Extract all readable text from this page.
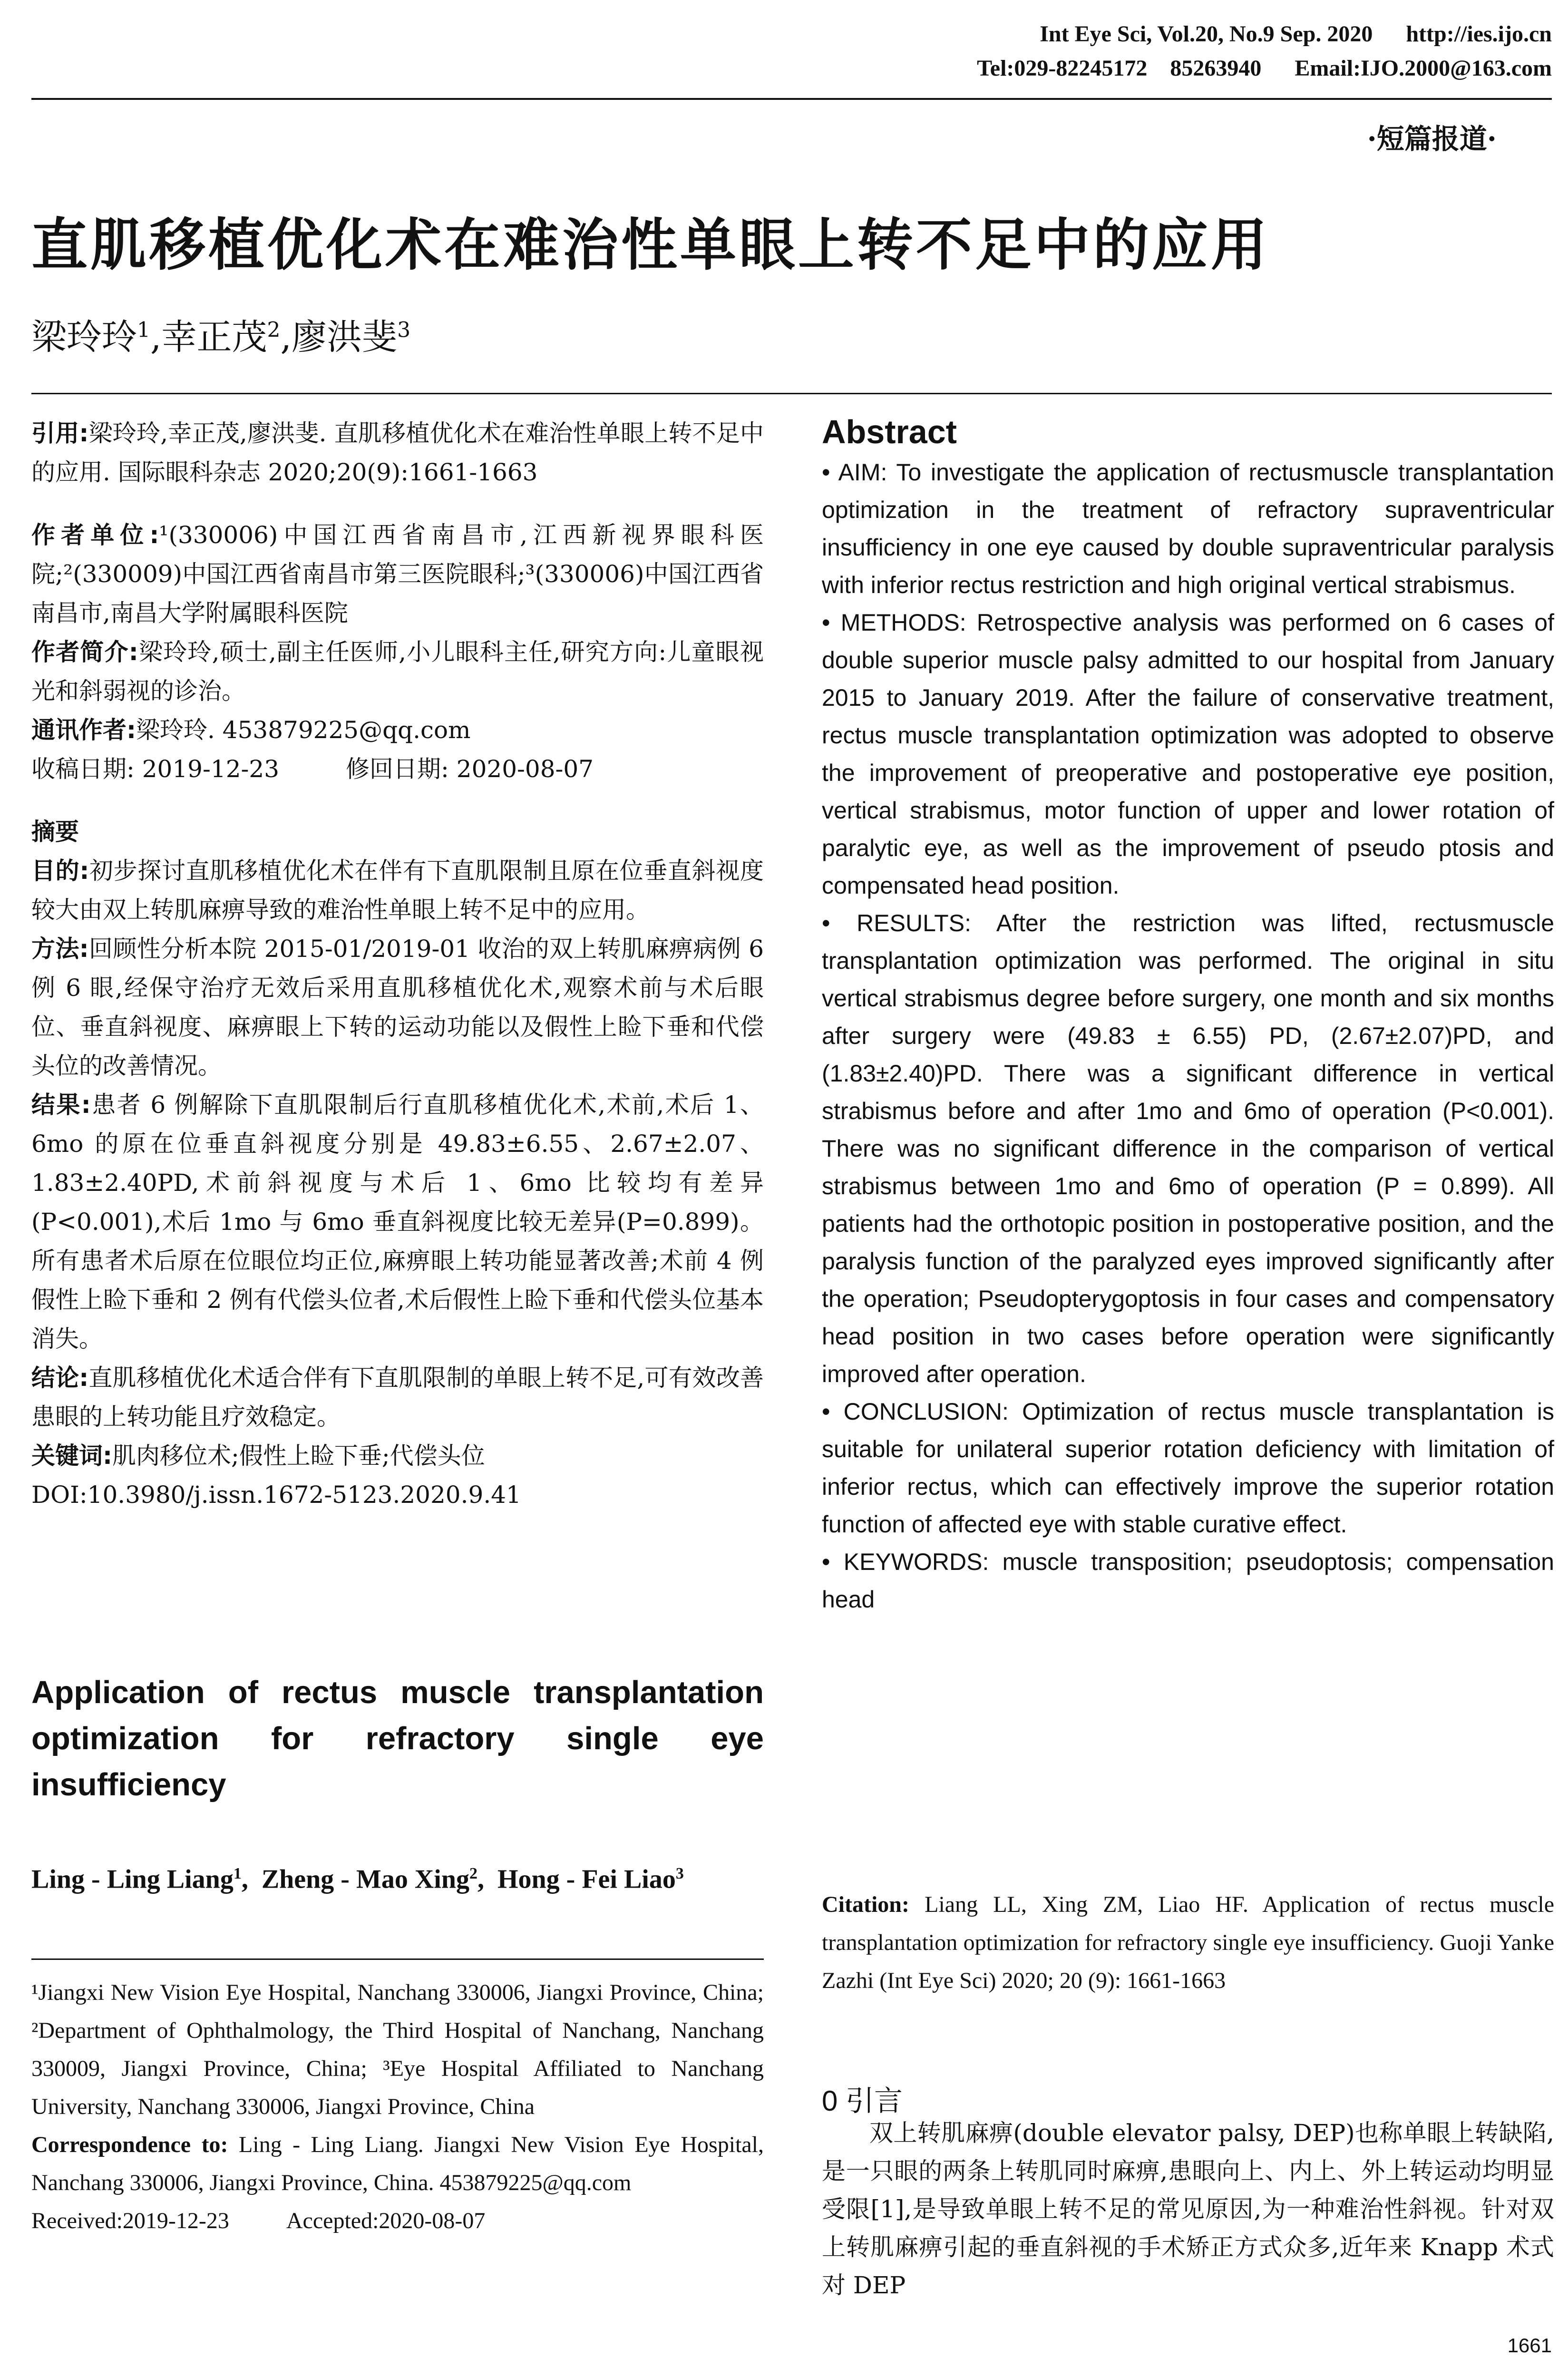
Int Eye Sci, Vol.20, No.9 Sep. 2020 http://ies.ijo.cn
Tel:029-82245172　85263940 Email:IJO.2000@163.com
·短篇报道·
直肌移植优化术在难治性单眼上转不足中的应用
梁玲玲$^1$,幸正茂$^2$,廖洪斐$^3$

引用:梁玲玲,幸正茂,廖洪斐. 直肌移植优化术在难治性单眼上转不足中的应用. 国际眼科杂志 2020;20(9):1661-1663

作者单位:¹(330006)中国江西省南昌市,江西新视界眼科医院;²(330009)中国江西省南昌市第三医院眼科;³(330006)中国江西省南昌市,南昌大学附属眼科医院

作者简介:梁玲玲,硕士,副主任医师,小儿眼科主任,研究方向:儿童眼视光和斜弱视的诊治。

通讯作者:梁玲玲. 453879225@qq.com

收稿日期: 2019-12-23	修回日期: 2020-08-07

摘要

目的:初步探讨直肌移植优化术在伴有下直肌限制且原在位垂直斜视度较大由双上转肌麻痹导致的难治性单眼上转不足中的应用。

方法:回顾性分析本院 2015-01/2019-01 收治的双上转肌麻痹病例 6 例 6 眼,经保守治疗无效后采用直肌移植优化术,观察术前与术后眼位、垂直斜视度、麻痹眼上下转的运动功能以及假性上睑下垂和代偿头位的改善情况。

结果:患者 6 例解除下直肌限制后行直肌移植优化术,术前,术后 1、6mo 的原在位垂直斜视度分别是 49.83±6.55、2.67±2.07、1.83±2.40PD,术前斜视度与术后 1、6mo 比较均有差异(P<0.001),术后 1mo 与 6mo 垂直斜视度比较无差异(P=0.899)。所有患者术后原在位眼位均正位,麻痹眼上转功能显著改善;术前 4 例假性上睑下垂和 2 例有代偿头位者,术后假性上睑下垂和代偿头位基本消失。

结论:直肌移植优化术适合伴有下直肌限制的单眼上转不足,可有效改善患眼的上转功能且疗效稳定。

关键词:肌肉移位术;假性上睑下垂;代偿头位

DOI:10.3980/j.issn.1672-5123.2020.9.41

Application of rectus muscle transplantation optimization for refractory single eye insufficiency
Ling - Ling Liang$^1$,  Zheng - Mao Xing$^2$,  Hong - Fei Liao$^3$
¹Jiangxi New Vision Eye Hospital, Nanchang 330006, Jiangxi Province, China; ²Department of Ophthalmology, the Third Hospital of Nanchang, Nanchang 330009, Jiangxi Province, China; ³Eye Hospital Affiliated to Nanchang University, Nanchang 330006, Jiangxi Province, China
Correspondence to: Ling - Ling Liang. Jiangxi New Vision Eye Hospital, Nanchang 330006, Jiangxi Province, China. 453879225@qq.com
Received:2019-12-23	Accepted:2020-08-07
Abstract

• AIM: To investigate the application of rectusmuscle transplantation optimization in the treatment of refractory supraventricular insufficiency in one eye caused by double supraventricular paralysis with inferior rectus restriction and high original vertical strabismus.

• METHODS: Retrospective analysis was performed on 6 cases of double superior muscle palsy admitted to our hospital from January 2015 to January 2019. After the failure of conservative treatment, rectus muscle transplantation optimization was adopted to observe the improvement of preoperative and postoperative eye position, vertical strabismus, motor function of upper and lower rotation of paralytic eye, as well as the improvement of pseudo ptosis and compensated head position.

• RESULTS: After the restriction was lifted, rectusmuscle transplantation optimization was performed. The original in situ vertical strabismus degree before surgery, one month and six months after surgery were (49.83 ± 6.55) PD, (2.67±2.07)PD, and (1.83±2.40)PD. There was a significant difference in vertical strabismus before and after 1mo and 6mo of operation (P<0.001). There was no significant difference in the comparison of vertical strabismus between 1mo and 6mo of operation (P = 0.899). All patients had the orthotopic position in postoperative position, and the paralysis function of the paralyzed eyes improved significantly after the operation; Pseudopterygoptosis in four cases and compensatory head position in two cases before operation were significantly improved after operation.

• CONCLUSION: Optimization of rectus muscle transplantation is suitable for unilateral superior rotation deficiency with limitation of inferior rectus, which can effectively improve the superior rotation function of affected eye with stable curative effect.

• KEYWORDS: muscle transposition; pseudoptosis; compensation head

Citation: Liang LL, Xing ZM, Liao HF. Application of rectus muscle transplantation optimization for refractory single eye insufficiency. Guoji Yanke Zazhi (Int Eye Sci) 2020; 20 (9): 1661-1663
0 引言
双上转肌麻痹(double elevator palsy, DEP)也称单眼上转缺陷,是一只眼的两条上转肌同时麻痹,患眼向上、内上、外上转运动均明显受限[1],是导致单眼上转不足的常见原因,为一种难治性斜视。针对双上转肌麻痹引起的垂直斜视的手术矫正方式众多,近年来 Knapp 术式对 DEP
1661
